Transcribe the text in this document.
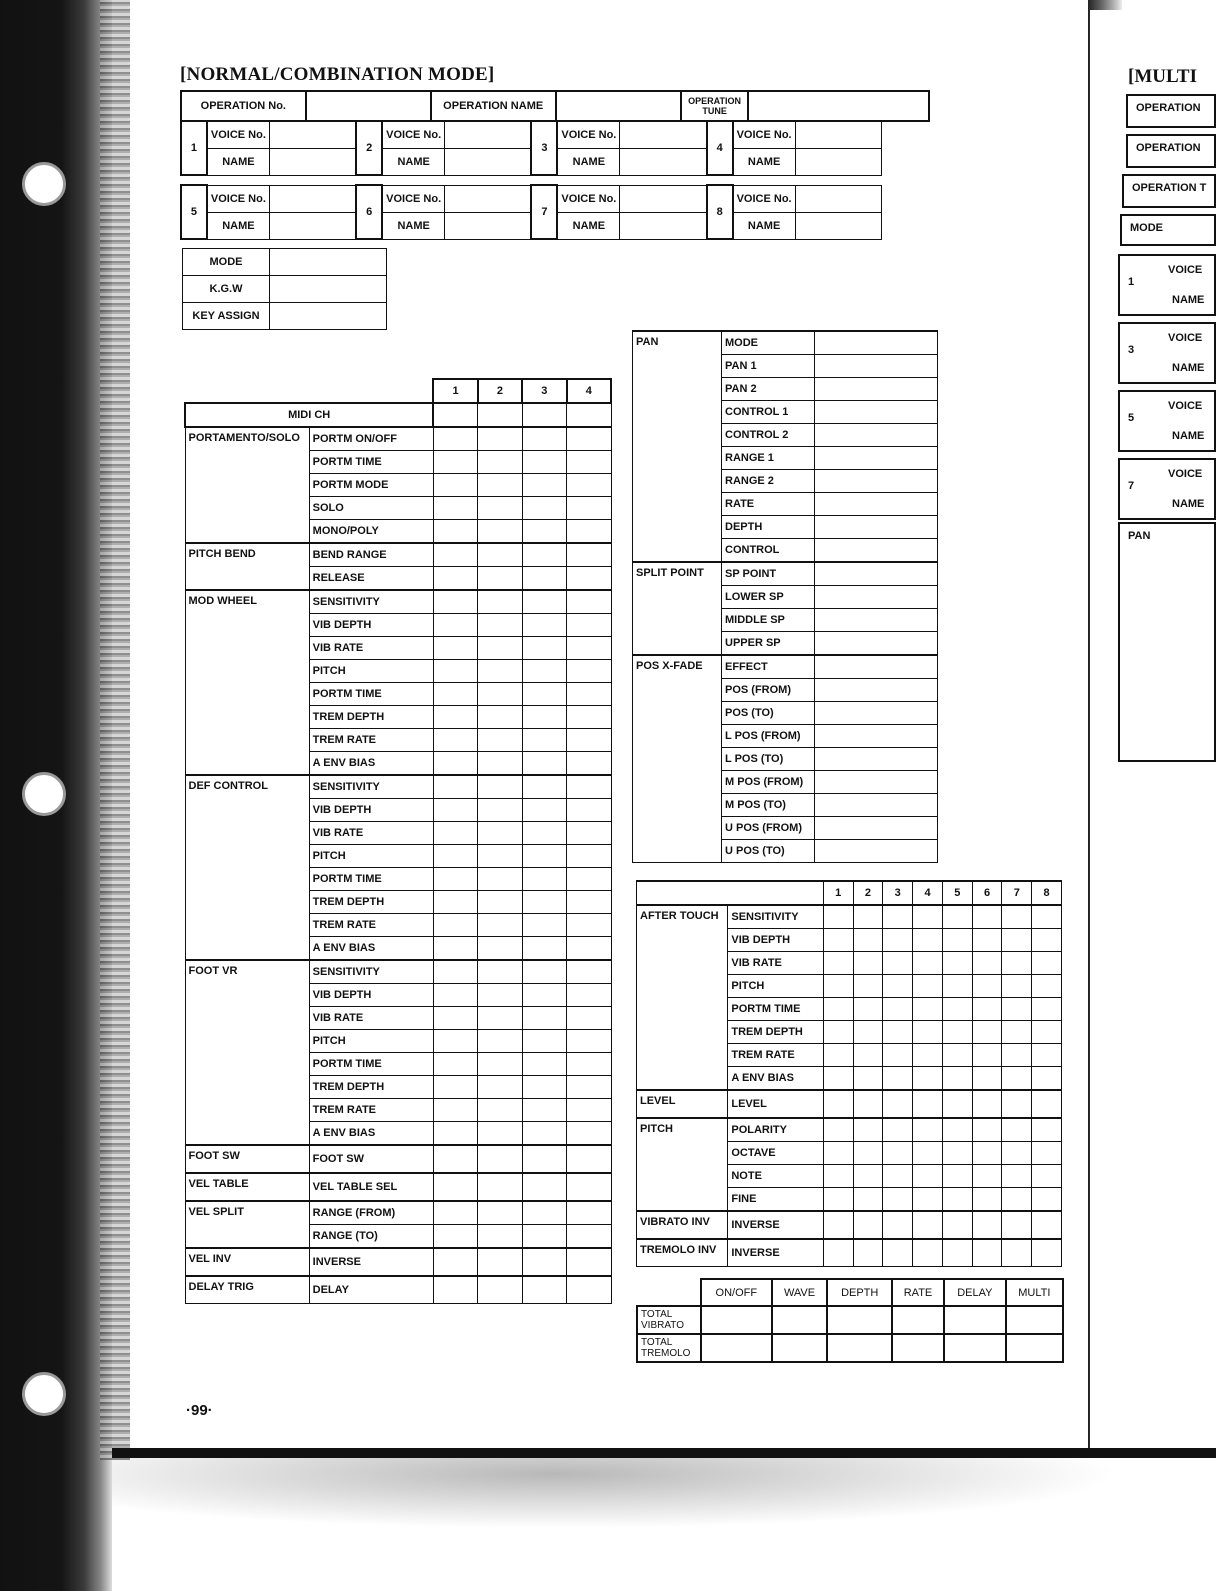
[NORMAL/COMBINATION MODE]
OPERATION No.		OPERATION NAME		OPERATION TUNE	
1	VOICE No.		2	VOICE No.		3	VOICE No.		4	VOICE No.	
	NAME			NAME			NAME			NAME	
5	VOICE No.		6	VOICE No.		7	VOICE No.		8	VOICE No.	
	NAME			NAME			NAME			NAME	
MODE	
K.G.W	
KEY ASSIGN	
		1	2	3	4
MIDI CH					
PORTAMENTO/SOLO	PORTM ON/OFF				
	PORTM TIME				
	PORTM MODE				
	SOLO				
	MONO/POLY				
PITCH BEND	BEND RANGE				
	RELEASE				
MOD WHEEL	SENSITIVITY				
	VIB DEPTH				
	VIB RATE				
	PITCH				
	PORTM TIME				
	TREM DEPTH				
	TREM RATE				
	A ENV BIAS				
DEF CONTROL	SENSITIVITY				
	VIB DEPTH				
	VIB RATE				
	PITCH				
	PORTM TIME				
	TREM DEPTH				
	TREM RATE				
	A ENV BIAS				
FOOT VR	SENSITIVITY				
	VIB DEPTH				
	VIB RATE				
	PITCH				
	PORTM TIME				
	TREM DEPTH				
	TREM RATE				
	A ENV BIAS				
FOOT SW	FOOT SW				
VEL TABLE	VEL TABLE SEL				
VEL SPLIT	RANGE (FROM)				
	RANGE (TO)				
VEL INV	INVERSE				
DELAY TRIG	DELAY				
PAN	MODE	
	PAN 1	
	PAN 2	
	CONTROL 1	
	CONTROL 2	
	RANGE 1	
	RANGE 2	
	RATE	
	DEPTH	
	CONTROL	
SPLIT POINT	SP POINT	
	LOWER SP	
	MIDDLE SP	
	UPPER SP	
POS X-FADE	EFFECT	
	POS (FROM)	
	POS (TO)	
	L POS (FROM)	
	L POS (TO)	
	M POS (FROM)	
	M POS (TO)	
	U POS (FROM)	
	U POS (TO)	
		1	2	3	4	5	6	7	8
AFTER TOUCH	SENSITIVITY								
	VIB DEPTH								
	VIB RATE								
	PITCH								
	PORTM TIME								
	TREM DEPTH								
	TREM RATE								
	A ENV BIAS								
LEVEL	LEVEL								
PITCH	POLARITY								
	OCTAVE								
	NOTE								
	FINE								
VIBRATO INV	INVERSE								
TREMOLO INV	INVERSE								
	ON/OFF	WAVE	DEPTH	RATE	DELAY	MULTI
TOTAL VIBRATO						
TOTAL TREMOLO						
·99·
[MULTI
OPERATION
OPERATION
OPERATION T
MODE
1
VOICE
NAME
3
VOICE
NAME
5
VOICE
NAME
7
VOICE
NAME
PAN
